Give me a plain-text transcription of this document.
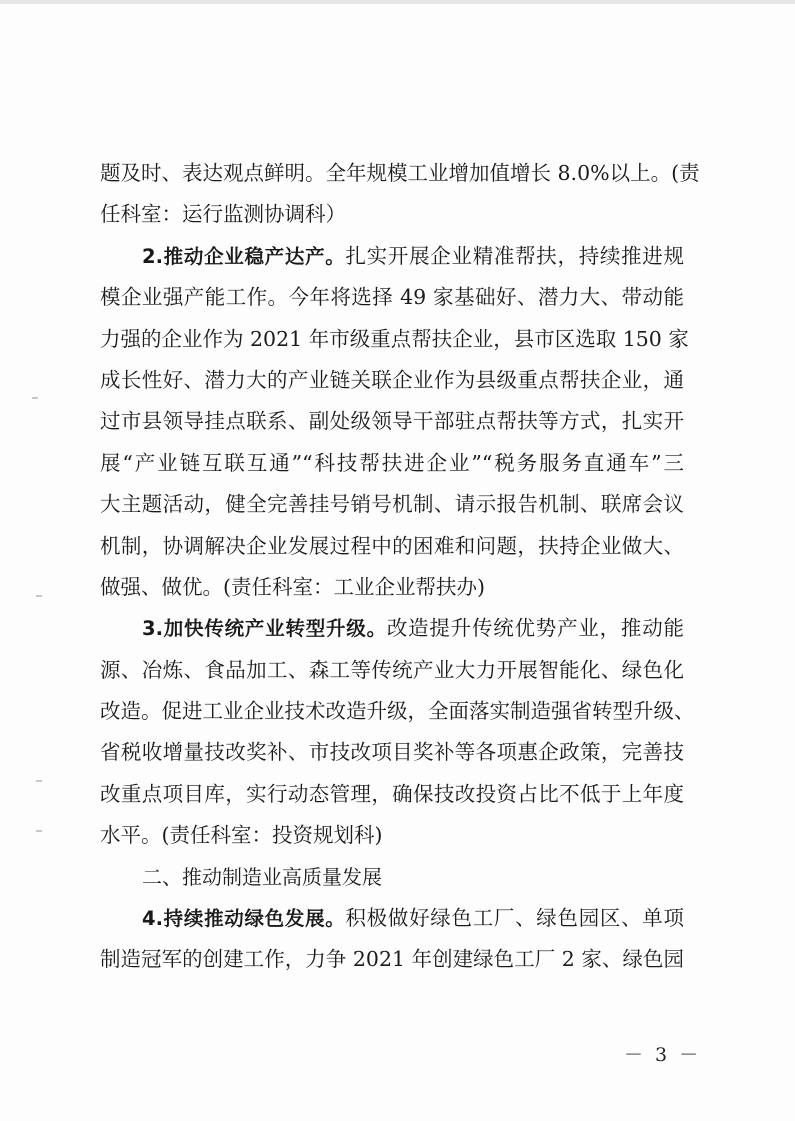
题及时、表达观点鲜明。全年规模工业增加值增长 8.0%以上。(责
任科室：运行监测协调科）
2.推动企业稳产达产。扎实开展企业精准帮扶，持续推进规
模企业强产能工作。今年将选择 49 家基础好、潜力大、带动能
力强的企业作为 2021 年市级重点帮扶企业，县市区选取 150 家
成长性好、潜力大的产业链关联企业作为县级重点帮扶企业，通
过市县领导挂点联系、副处级领导干部驻点帮扶等方式，扎实开
展“产业链互联互通”“科技帮扶进企业”“税务服务直通车”三
大主题活动，健全完善挂号销号机制、请示报告机制、联席会议
机制，协调解决企业发展过程中的困难和问题，扶持企业做大、
做强、做优。(责任科室：工业企业帮扶办)
3.加快传统产业转型升级。改造提升传统优势产业，推动能
源、冶炼、食品加工、森工等传统产业大力开展智能化、绿色化
改造。促进工业企业技术改造升级，全面落实制造强省转型升级、
省税收增量技改奖补、市技改项目奖补等各项惠企政策，完善技
改重点项目库，实行动态管理，确保技改投资占比不低于上年度
水平。(责任科室：投资规划科)
二、推动制造业高质量发展
4.持续推动绿色发展。积极做好绿色工厂、绿色园区、单项
制造冠军的创建工作，力争 2021 年创建绿色工厂 2 家、绿色园
－ 3 －
